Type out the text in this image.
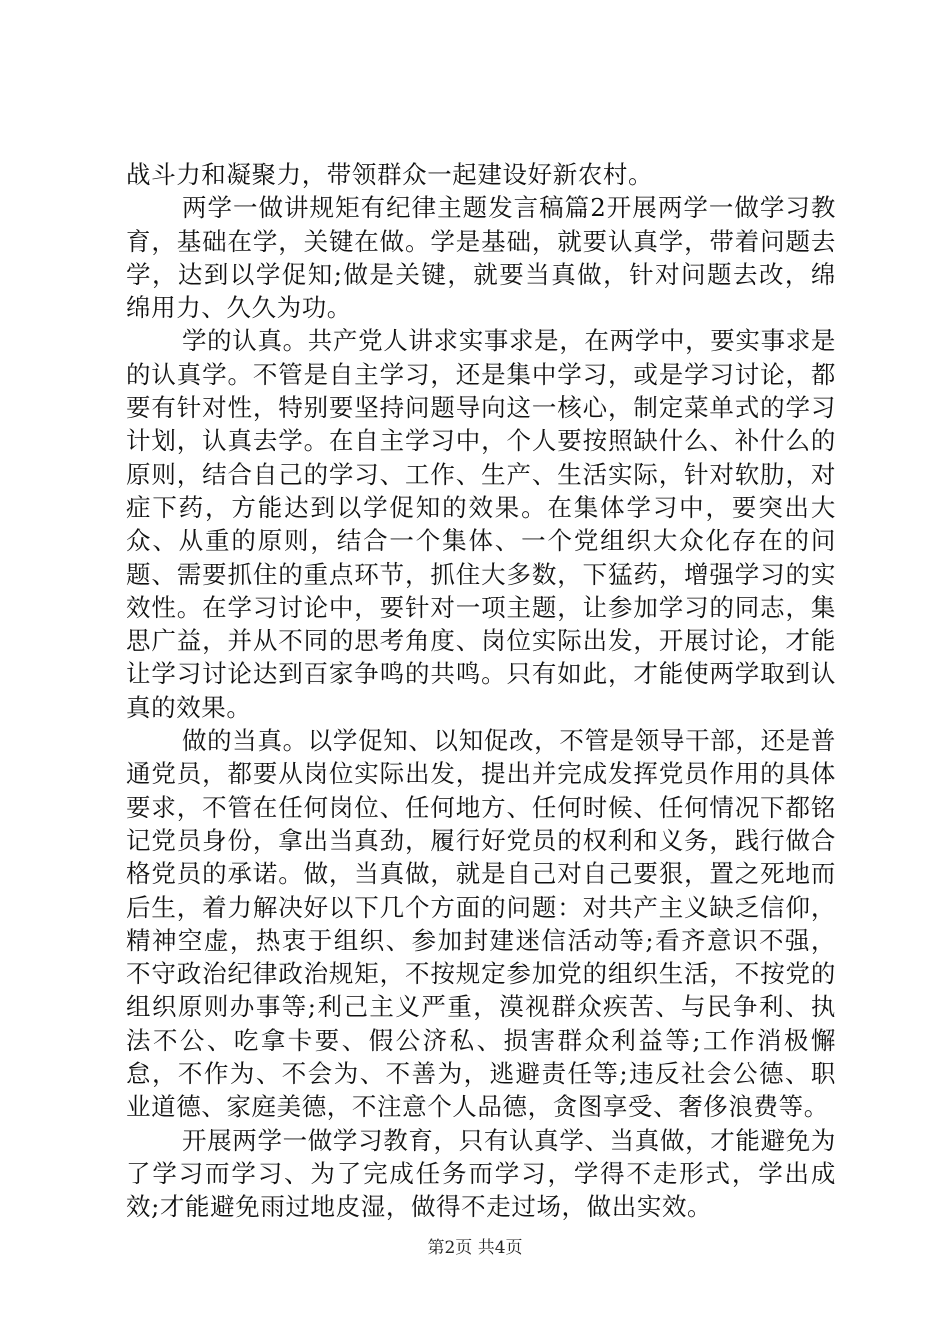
战斗力和凝聚力，带领群众一起建设好新农村。

两学一做讲规矩有纪律主题发言稿篇2开展两学一做学习教育，基础在学，关键在做。学是基础，就要认真学，带着问题去学，达到以学促知;做是关键，就要当真做，针对问题去改，绵绵用力、久久为功。

学的认真。共产党人讲求实事求是，在两学中，要实事求是的认真学。不管是自主学习，还是集中学习，或是学习讨论，都要有针对性，特别要坚持问题导向这一核心，制定菜单式的学习计划，认真去学。在自主学习中，个人要按照缺什么、补什么的原则，结合自己的学习、工作、生产、生活实际，针对软肋，对症下药，方能达到以学促知的效果。在集体学习中，要突出大众、从重的原则，结合一个集体、一个党组织大众化存在的问题、需要抓住的重点环节，抓住大多数，下猛药，增强学习的实效性。在学习讨论中，要针对一项主题，让参加学习的同志，集思广益，并从不同的思考角度、岗位实际出发，开展讨论，才能让学习讨论达到百家争鸣的共鸣。只有如此，才能使两学取到认真的效果。

做的当真。以学促知、以知促改，不管是领导干部，还是普通党员，都要从岗位实际出发，提出并完成发挥党员作用的具体要求，不管在任何岗位、任何地方、任何时候、任何情况下都铭记党员身份，拿出当真劲，履行好党员的权利和义务，践行做合格党员的承诺。做，当真做，就是自己对自己要狠，置之死地而后生，着力解决好以下几个方面的问题：对共产主义缺乏信仰，精神空虚，热衷于组织、参加封建迷信活动等;看齐意识不强，不守政治纪律政治规矩，不按规定参加党的组织生活，不按党的组织原则办事等;利己主义严重，漠视群众疾苦、与民争利、执法不公、吃拿卡要、假公济私、损害群众利益等;工作消极懈怠，不作为、不会为、不善为，逃避责任等;违反社会公德、职业道德、家庭美德，不注意个人品德，贪图享受、奢侈浪费等。

开展两学一做学习教育，只有认真学、当真做，才能避免为了学习而学习、为了完成任务而学习，学得不走形式，学出成效;才能避免雨过地皮湿，做得不走过场，做出实效。

第2页 共4页
